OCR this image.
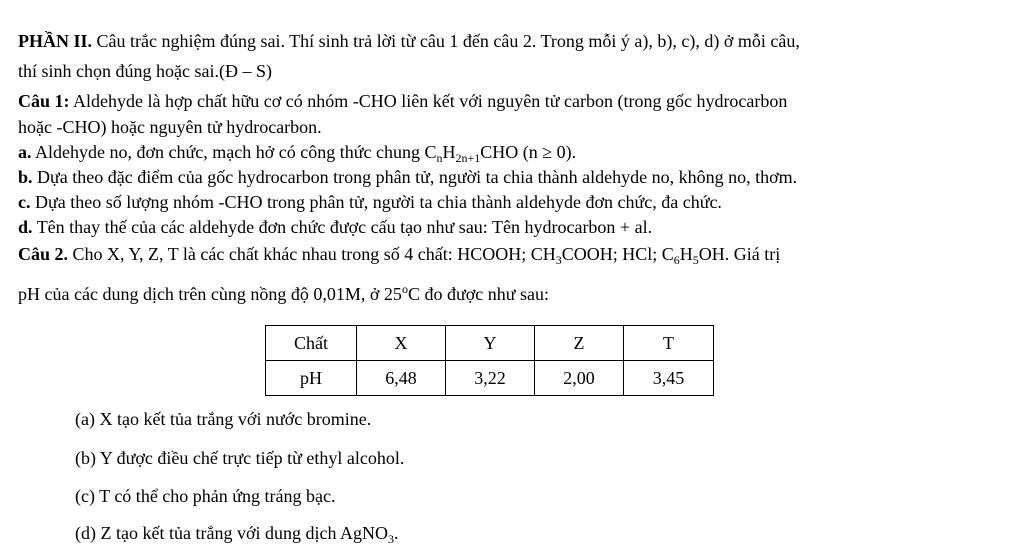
PHẦN II. Câu trắc nghiệm đúng sai. Thí sinh trả lời từ câu 1 đến câu 2. Trong mỗi ý a), b), c), d) ở mỗi câu,
thí sinh chọn đúng hoặc sai.(Đ – S)
Câu 1: Aldehyde là hợp chất hữu cơ có nhóm -CHO liên kết với nguyên tử carbon (trong gốc hydrocarbon
hoặc -CHO) hoặc nguyên tử hydrocarbon.
a. Aldehyde no, đơn chức, mạch hở có công thức chung $C_nH_{2n+1}CHO$ (n ≥ 0).
b. Dựa theo đặc điểm của gốc hydrocarbon trong phân tử, người ta chia thành aldehyde no, không no, thơm.
c. Dựa theo số lượng nhóm -CHO trong phân tử, người ta chia thành aldehyde đơn chức, đa chức.
d. Tên thay thế của các aldehyde đơn chức được cấu tạo như sau: Tên hydrocarbon + al.
Câu 2. Cho X, Y, Z, T là các chất khác nhau trong số 4 chất: HCOOH; $CH_3COOH$; HCl; $C_6H_5OH$. Giá trị
pH của các dung dịch trên cùng nồng độ 0,01M, ở 25$^o$C đo được như sau:
Chất	X	Y	Z	T
pH	6,48	3,22	2,00	3,45
(a) X tạo kết tủa trắng với nước bromine.
(b) Y được điều chế trực tiếp từ ethyl alcohol.
(c) T có thể cho phản ứng tráng bạc.
(d) Z tạo kết tủa trắng với dung dịch AgNO$_3$.
